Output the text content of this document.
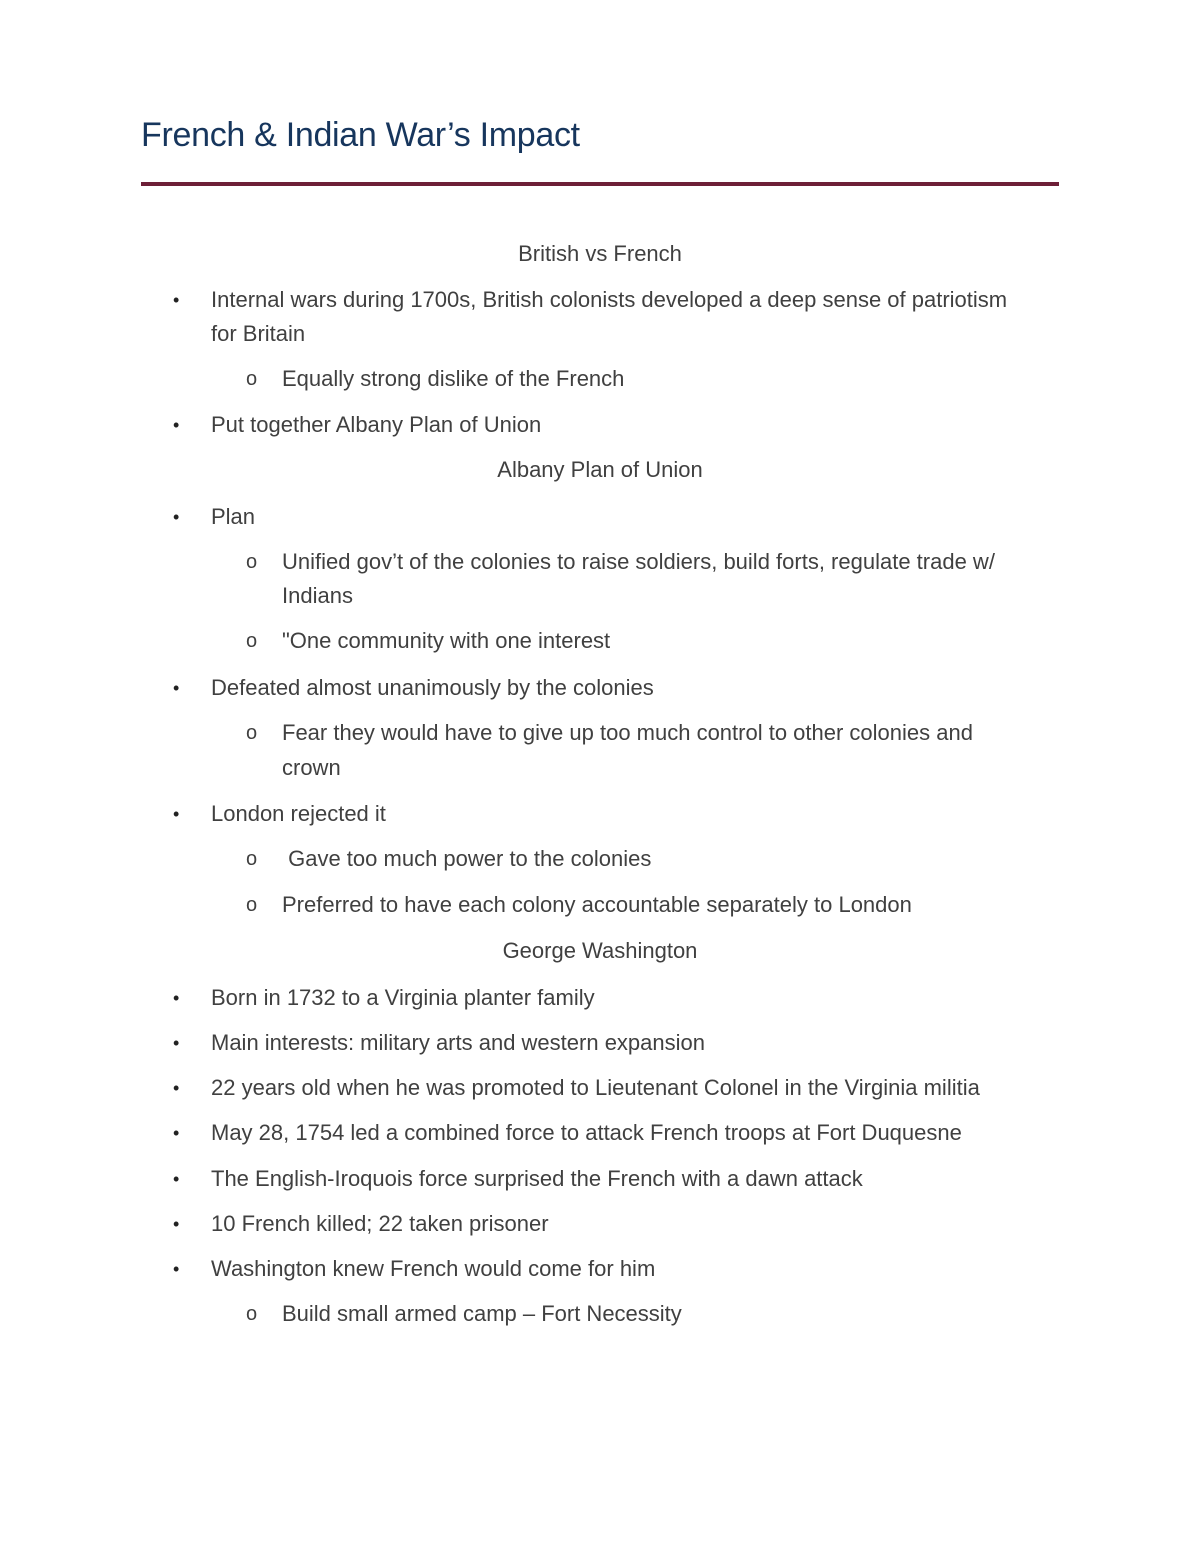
French & Indian War’s Impact
British vs French
• Internal wars during 1700s, British colonists developed a deep sense of patriotism
for Britain
o Equally strong dislike of the French
• Put together Albany Plan of Union
Albany Plan of Union
• Plan
o Unified gov’t of the colonies to raise soldiers, build forts, regulate trade w/
Indians
o "One community with one interest
• Defeated almost unanimously by the colonies
o Fear they would have to give up too much control to other colonies and
crown
• London rejected it
o Gave too much power to the colonies
o Preferred to have each colony accountable separately to London
George Washington
• Born in 1732 to a Virginia planter family
• Main interests: military arts and western expansion
• 22 years old when he was promoted to Lieutenant Colonel in the Virginia militia
• May 28, 1754 led a combined force to attack French troops at Fort Duquesne
• The English-Iroquois force surprised the French with a dawn attack
• 10 French killed; 22 taken prisoner
• Washington knew French would come for him
o Build small armed camp – Fort Necessity
